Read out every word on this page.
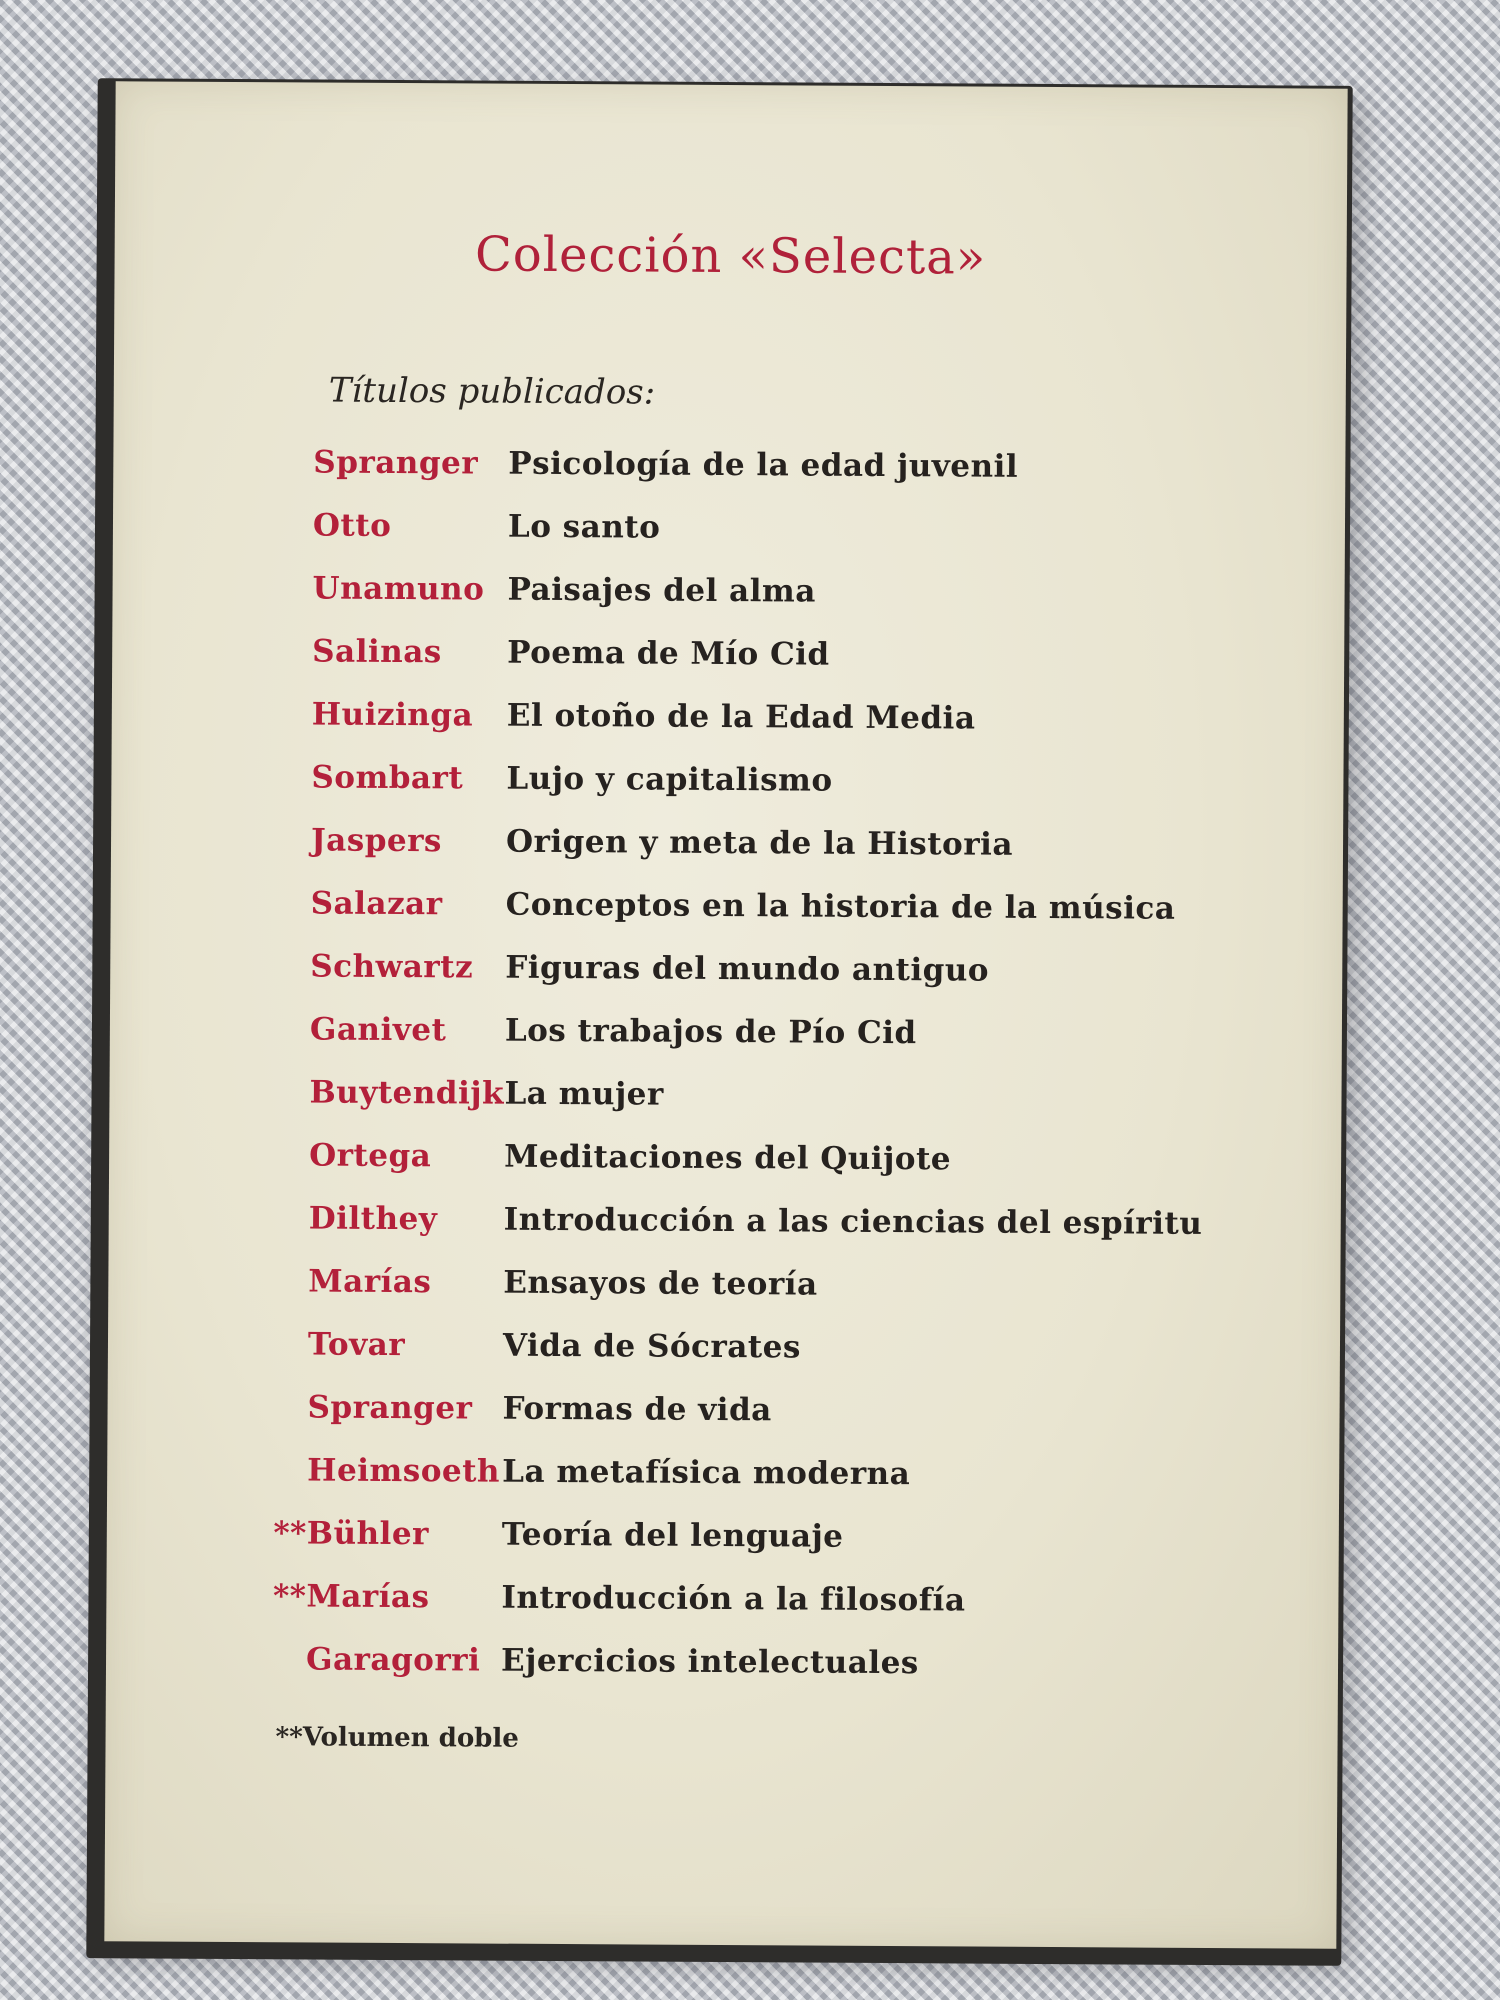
Colección «Selecta»
Títulos publicados:
Spranger Psicología de la edad juvenil
Otto	Lo santo
Unamuno Paisajes del alma
Salinas Poema de Mío Cid
Huizinga El otoño de la Edad Media
Sombart Lujo y capitalismo
Jaspers Origen y meta de la Historia
Salazar Conceptos en la historia de la música
Schwartz Figuras del mundo antiguo
Ganivet Los trabajos de Pío Cid
Buytendijk La mujer
Ortega Meditaciones del Quijote
Dilthey Introducción a las ciencias del espíritu
Marías Ensayos de teoría
Tovar	Vida de Sócrates
Spranger Formas de vida
Heimsoeth La metafísica moderna
** Bühler Teoría del lenguaje
** Marías Introducción a la filosofía
Garagorri Ejercicios intelectuales
**Volumen doble
